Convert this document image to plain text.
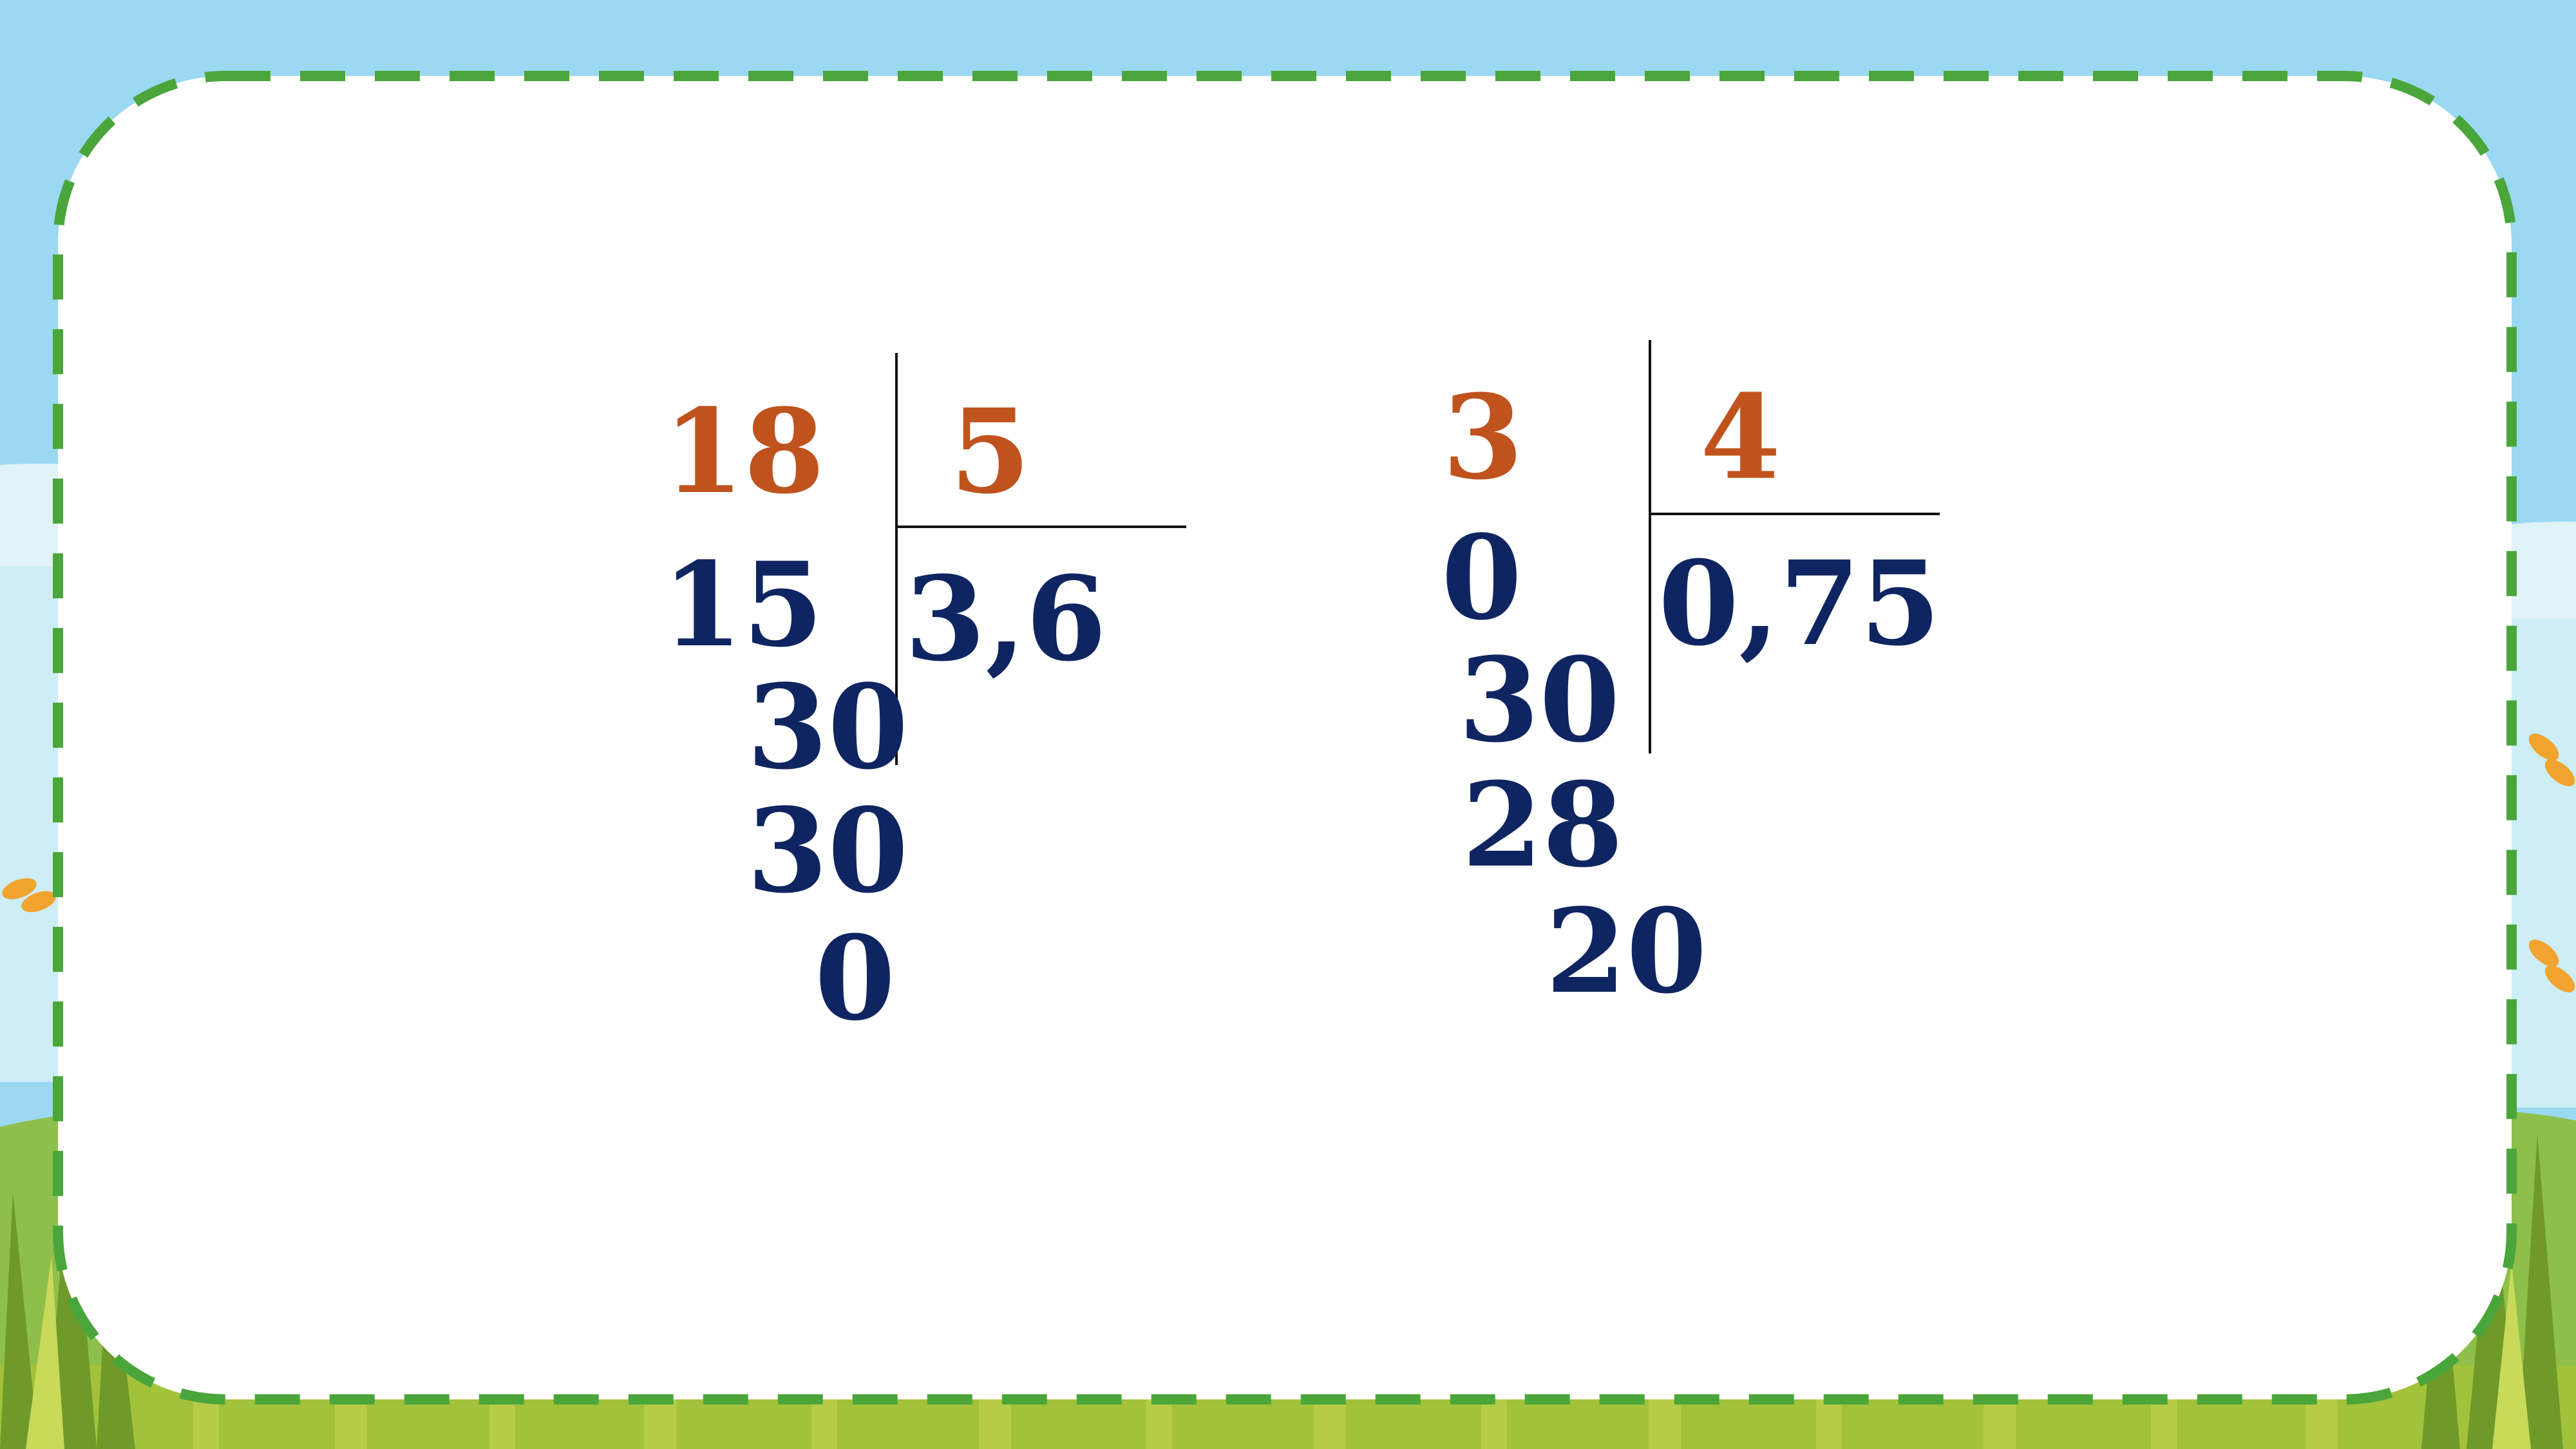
18 5
15 3,6
30
30
0
3 4
0 0,75
30
28
20
